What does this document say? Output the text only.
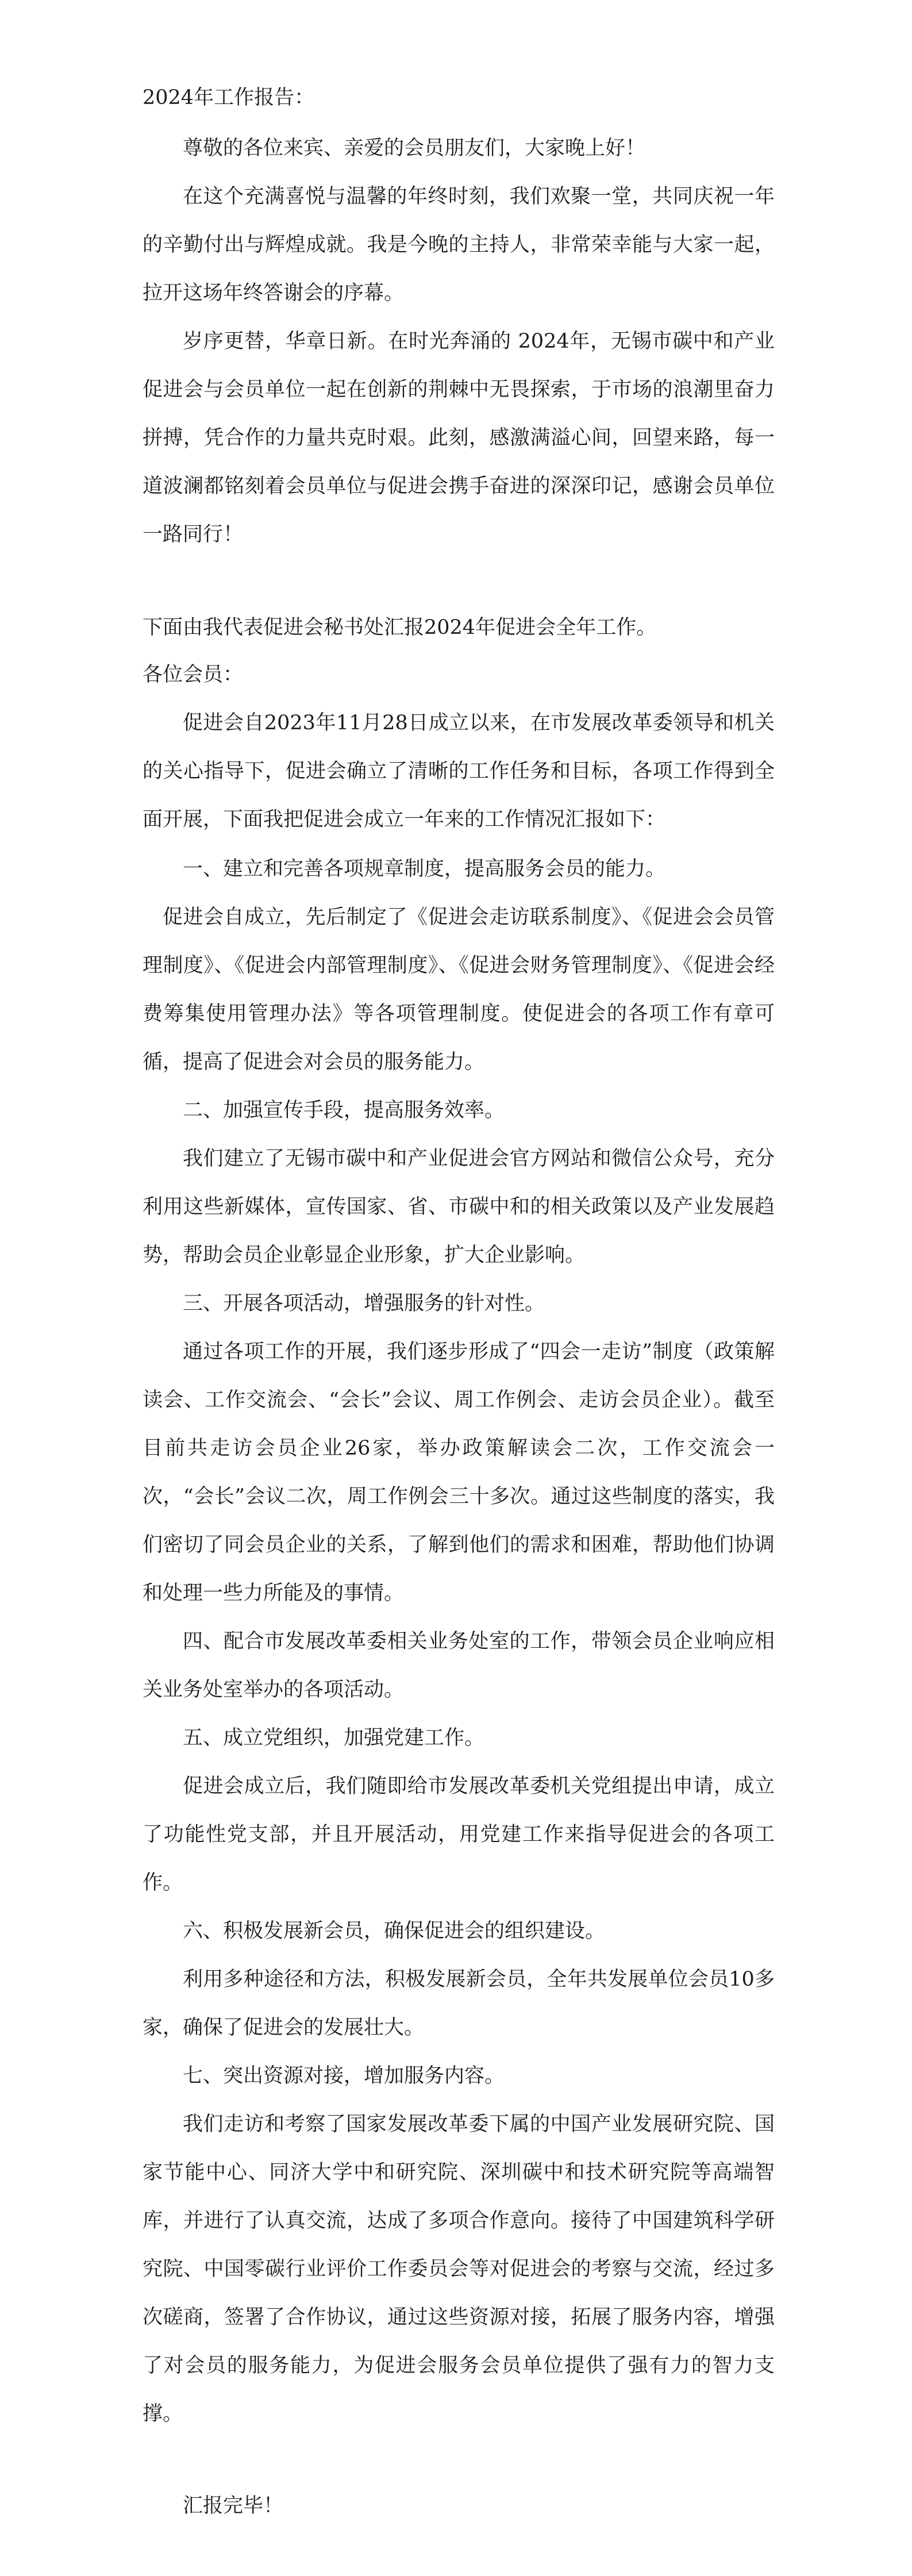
2024年工作报告：
尊敬的各位来宾、亲爱的会员朋友们，大家晚上好！
在这个充满喜悦与温馨的年终时刻，我们欢聚一堂，共同庆祝一年的辛勤付出与辉煌成就。我是今晚的主持人，非常荣幸能与大家一起，拉开这场年终答谢会的序幕。
岁序更替，华章日新。在时光奔涌的 2024年，无锡市碳中和产业促进会与会员单位一起在创新的荆棘中无畏探索，于市场的浪潮里奋力拼搏，凭合作的力量共克时艰。此刻，感激满溢心间，回望来路，每一道波澜都铭刻着会员单位与促进会携手奋进的深深印记，感谢会员单位一路同行！
下面由我代表促进会秘书处汇报2024年促进会全年工作。
各位会员：
促进会自2023年11月28日成立以来，在市发展改革委领导和机关的关心指导下，促进会确立了清晰的工作任务和目标，各项工作得到全面开展，下面我把促进会成立一年来的工作情况汇报如下：
一、建立和完善各项规章制度，提高服务会员的能力。
促进会自成立，先后制定了《促进会走访联系制度》、《促进会会员管理制度》、《促进会内部管理制度》、《促进会财务管理制度》、《促进会经费筹集使用管理办法》等各项管理制度。使促进会的各项工作有章可循，提高了促进会对会员的服务能力。
二、加强宣传手段，提高服务效率。
我们建立了无锡市碳中和产业促进会官方网站和微信公众号，充分利用这些新媒体，宣传国家、省、市碳中和的相关政策以及产业发展趋势，帮助会员企业彰显企业形象，扩大企业影响。
三、开展各项活动，增强服务的针对性。
通过各项工作的开展，我们逐步形成了“四会一走访”制度（政策解读会、工作交流会、“会长”会议、周工作例会、走访会员企业）。截至目前共走访会员企业26家，举办政策解读会二次，工作交流会一次，“会长”会议二次，周工作例会三十多次。通过这些制度的落实，我们密切了同会员企业的关系，了解到他们的需求和困难，帮助他们协调和处理一些力所能及的事情。
四、配合市发展改革委相关业务处室的工作，带领会员企业响应相关业务处室举办的各项活动。
五、成立党组织，加强党建工作。
促进会成立后，我们随即给市发展改革委机关党组提出申请，成立了功能性党支部，并且开展活动，用党建工作来指导促进会的各项工作。
六、积极发展新会员，确保促进会的组织建设。
利用多种途径和方法，积极发展新会员，全年共发展单位会员10多家，确保了促进会的发展壮大。
七、突出资源对接，增加服务内容。
我们走访和考察了国家发展改革委下属的中国产业发展研究院、国家节能中心、同济大学中和研究院、深圳碳中和技术研究院等高端智库，并进行了认真交流，达成了多项合作意向。接待了中国建筑科学研究院、中国零碳行业评价工作委员会等对促进会的考察与交流，经过多次磋商，签署了合作协议，通过这些资源对接，拓展了服务内容，增强了对会员的服务能力，为促进会服务会员单位提供了强有力的智力支撑。
汇报完毕！
